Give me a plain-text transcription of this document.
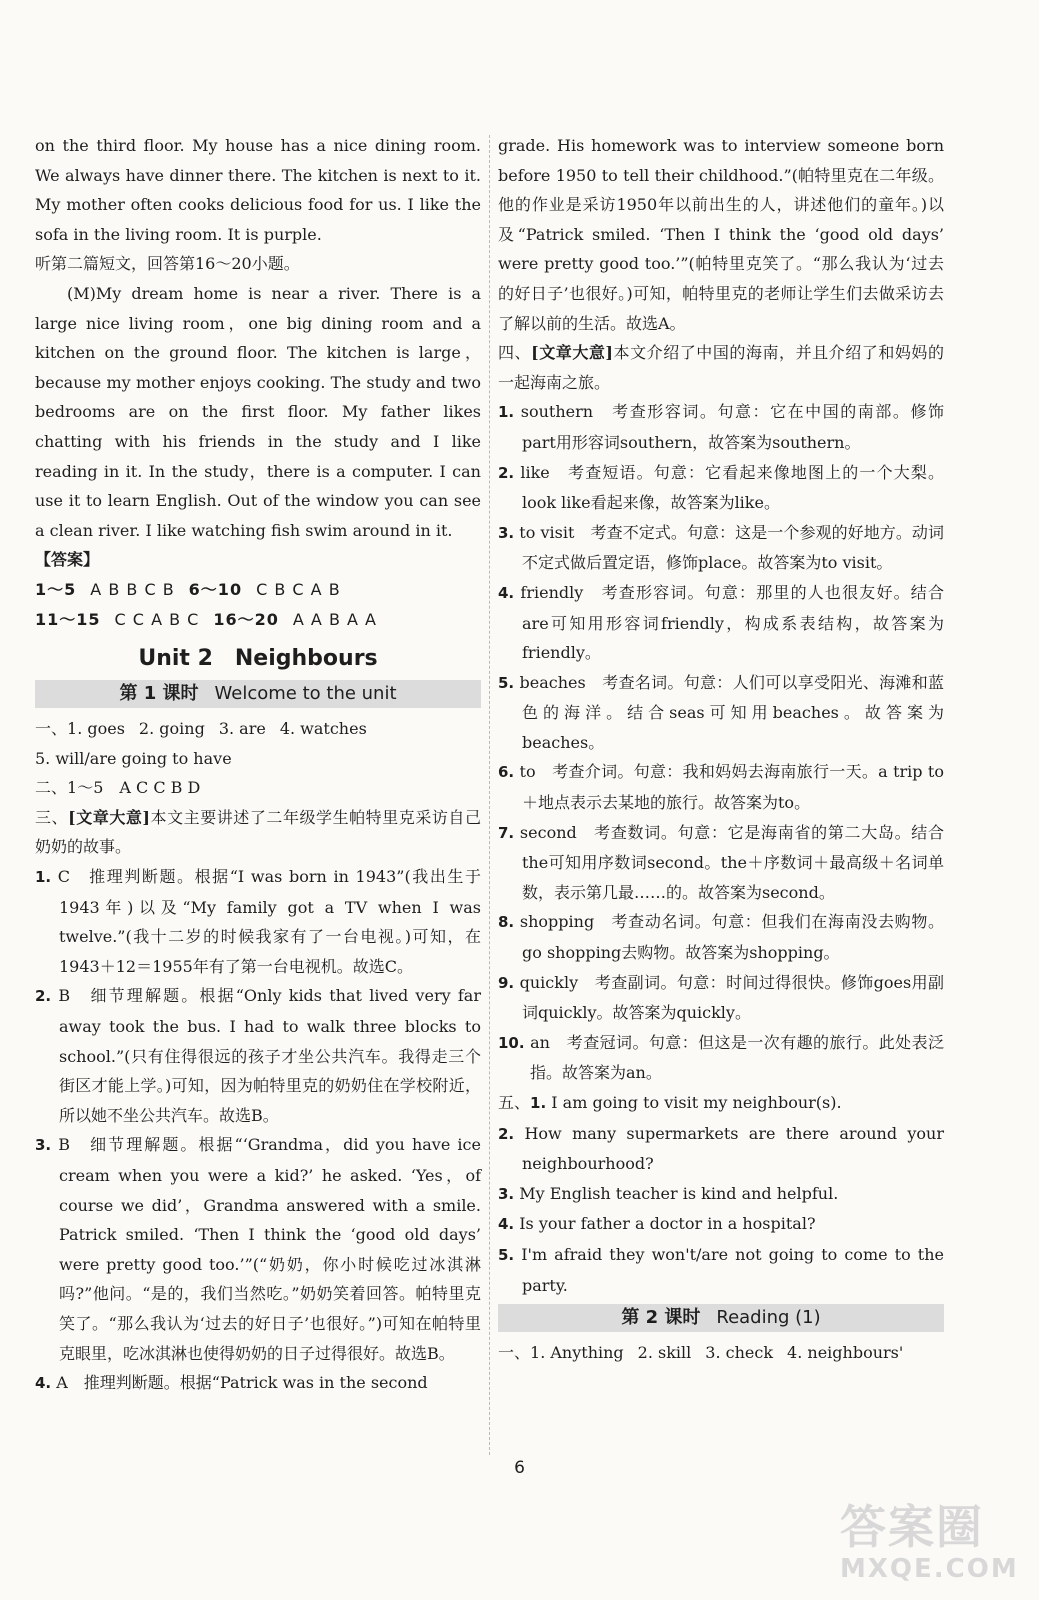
on the third floor. My house has a nice dining room. We always have dinner there. The kitchen is next to it. My mother often cooks delicious food for us. I like the sofa in the living room. It is purple.

听第二篇短文，回答第16～20小题。

(M)My dream home is near a river. There is a large nice living room，one big dining room and a kitchen on the ground floor. The kitchen is large，because my mother enjoys cooking. The study and two bedrooms are on the first floor. My father likes chatting with his friends in the study and I like reading in it. In the study，there is a computer. I can use it to learn English. Out of the window you can see a clean river. I like watching fish swim around in it.

【答案】
1～5 A B B C B 6～10 C B C A B
11～15 C C A B C 16～20 A A B A A
Unit 2　Neighbours
第 1 课时 Welcome to the unit
一、1. goes 2. going 3. are 4. watches
5. will/are going to have
二、1～5　A C C B D

三、[文章大意]本文主要讲述了二年级学生帕特里克采访自己奶奶的故事。

1. C　推理判断题。根据“I was born in 1943”(我出生于1943年)以及“My family got a TV when I was twelve.”(我十二岁的时候我家有了一台电视。)可知，在1943＋12＝1955年有了第一台电视机。故选C。

2. B　细节理解题。根据“Only kids that lived very far away took the bus. I had to walk three blocks to school.”(只有住得很远的孩子才坐公共汽车。我得走三个街区才能上学。)可知，因为帕特里克的奶奶住在学校附近，所以她不坐公共汽车。故选B。

3. B　细节理解题。根据“‘Grandma，did you have ice cream when you were a kid?’ he asked. ‘Yes，of course we did’，Grandma answered with a smile. Patrick smiled. ‘Then I think the ‘good old days’ were pretty good too.’”(“奶奶，你小时候吃过冰淇淋吗?”他问。“是的，我们当然吃。”奶奶笑着回答。帕特里克笑了。“那么我认为‘过去的好日子’也很好。”)可知在帕特里克眼里，吃冰淇淋也使得奶奶的日子过得很好。故选B。

4. A　推理判断题。根据“Patrick was in the second

grade. His homework was to interview someone born before 1950 to tell their childhood.”(帕特里克在二年级。他的作业是采访1950年以前出生的人，讲述他们的童年。)以及“Patrick smiled. ‘Then I think the ‘good old days’ were pretty good too.’”(帕特里克笑了。“那么我认为‘过去的好日子’也很好。)可知，帕特里克的老师让学生们去做采访去了解以前的生活。故选A。

四、[文章大意]本文介绍了中国的海南，并且介绍了和妈妈的一起海南之旅。

1. southern　考查形容词。句意：它在中国的南部。修饰part用形容词southern，故答案为southern。

2. like　考查短语。句意：它看起来像地图上的一个大梨。look like看起来像，故答案为like。

3. to visit　考查不定式。句意：这是一个参观的好地方。动词不定式做后置定语，修饰place。故答案为to visit。

4. friendly　考查形容词。句意：那里的人也很友好。结合are可知用形容词friendly，构成系表结构，故答案为friendly。

5. beaches　考查名词。句意：人们可以享受阳光、海滩和蓝色的海洋。结合seas可知用beaches。故答案为beaches。

6. to　考查介词。句意：我和妈妈去海南旅行一天。a trip to＋地点表示去某地的旅行。故答案为to。

7. second　考查数词。句意：它是海南省的第二大岛。结合the可知用序数词second。the＋序数词＋最高级＋名词单数，表示第几最……的。故答案为second。

8. shopping　考查动名词。句意：但我们在海南没去购物。go shopping去购物。故答案为shopping。

9. quickly　考查副词。句意：时间过得很快。修饰goes用副词quickly。故答案为quickly。

10. an　考查冠词。句意：但这是一次有趣的旅行。此处表泛指。故答案为an。

五、1. I am going to visit my neighbour(s).

2. How many supermarkets are there around your neighbourhood?

3. My English teacher is kind and helpful.

4. Is your father a doctor in a hospital?

5. I'm afraid they won't/are not going to come to the party.

第 2 课时 Reading (1)
一、1. Anything 2. skill 3. check 4. neighbours'
6
答案圈
MXQE.COM
